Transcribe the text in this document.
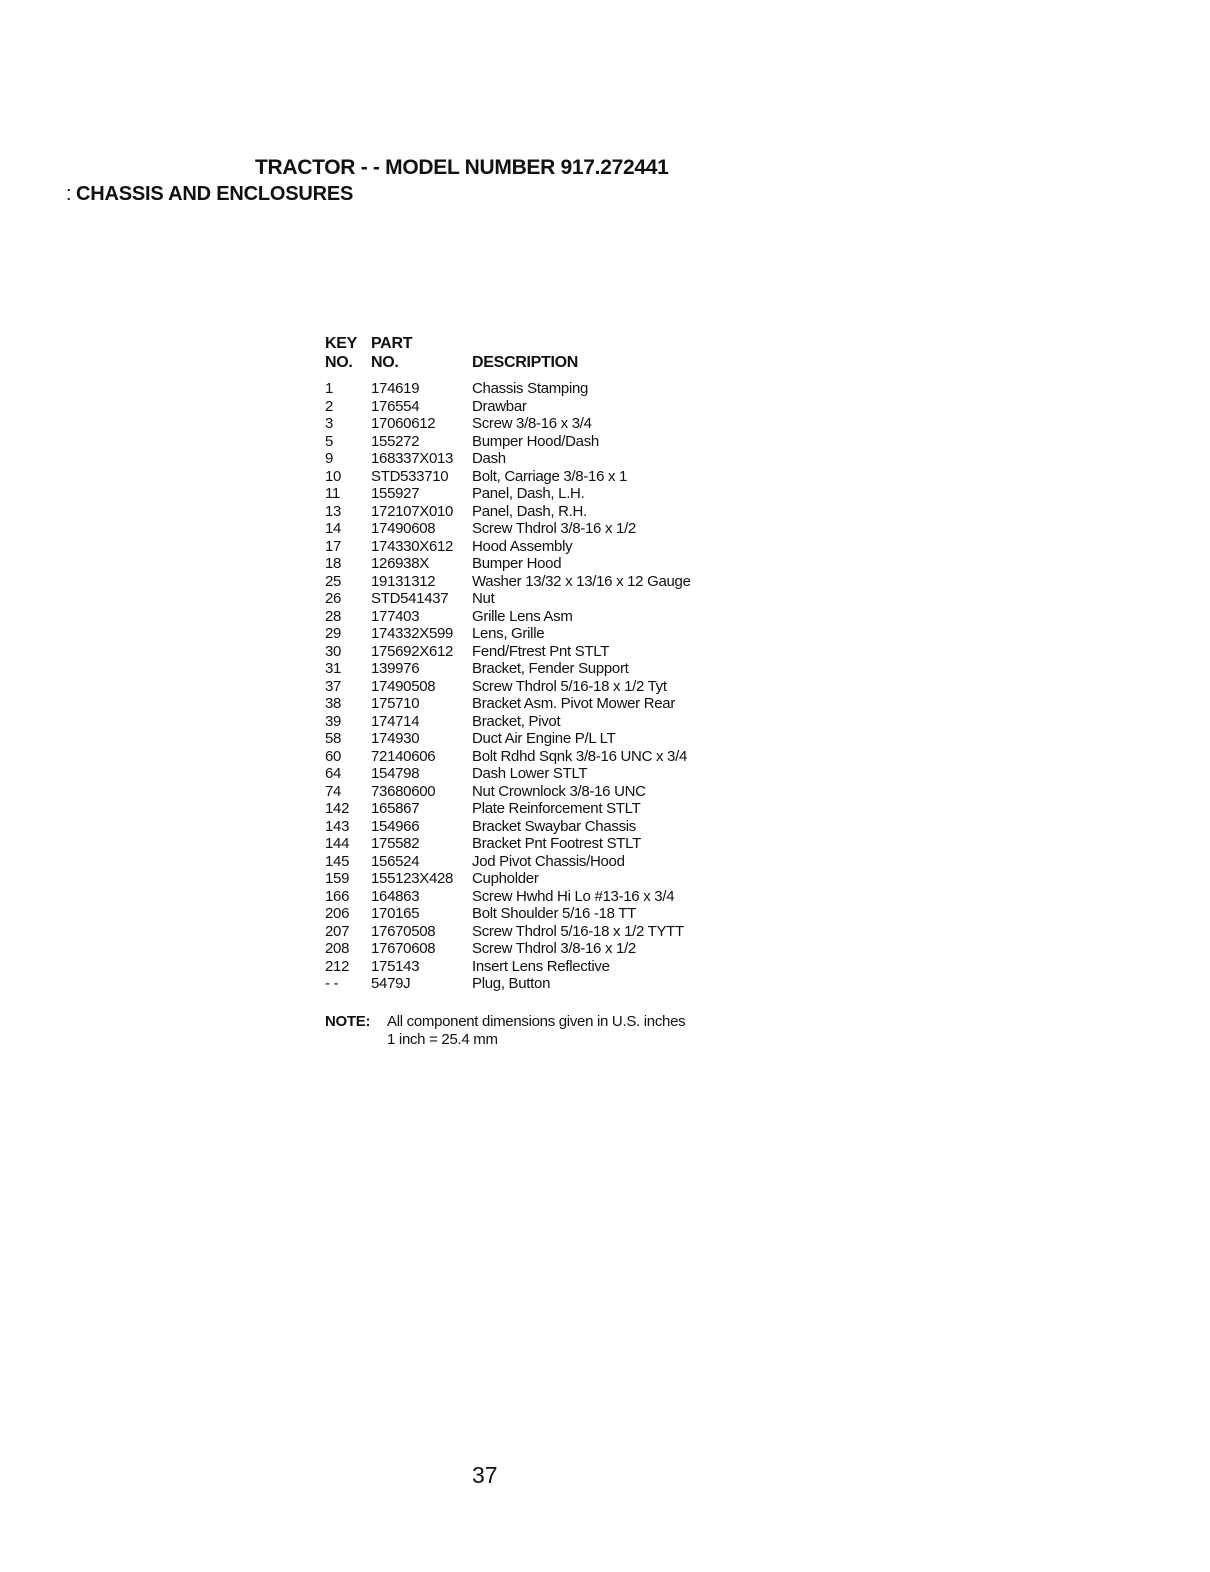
TRACTOR - - MODEL NUMBER 917.272441
: CHASSIS AND ENCLOSURES
KEY	PART	
NO.	NO.	DESCRIPTION
1	174619	Chassis Stamping
2	176554	Drawbar
3	17060612	Screw 3/8-16 x 3/4
5	155272	Bumper Hood/Dash
9	168337X013	Dash
10	STD533710	Bolt, Carriage 3/8-16 x 1
11	155927	Panel, Dash, L.H.
13	172107X010	Panel, Dash, R.H.
14	17490608	Screw Thdrol 3/8-16 x 1/2
17	174330X612	Hood Assembly
18	126938X	Bumper Hood
25	19131312	Washer 13/32 x 13/16 x 12 Gauge
26	STD541437	Nut
28	177403	Grille Lens Asm
29	174332X599	Lens, Grille
30	175692X612	Fend/Ftrest Pnt STLT
31	139976	Bracket, Fender Support
37	17490508	Screw Thdrol 5/16-18 x 1/2 Tyt
38	175710	Bracket Asm. Pivot Mower Rear
39	174714	Bracket, Pivot
58	174930	Duct Air Engine P/L LT
60	72140606	Bolt Rdhd Sqnk 3/8-16 UNC x 3/4
64	154798	Dash Lower STLT
74	73680600	Nut Crownlock 3/8-16 UNC
142	165867	Plate Reinforcement STLT
143	154966	Bracket Swaybar Chassis
144	175582	Bracket Pnt Footrest STLT
145	156524	Jod Pivot Chassis/Hood
159	155123X428	Cupholder
166	164863	Screw Hwhd Hi Lo #13-16 x 3/4
206	170165	Bolt Shoulder 5/16 -18 TT
207	17670508	Screw Thdrol 5/16-18 x 1/2 TYTT
208	17670608	Screw Thdrol 3/8-16 x 1/2
212	175143	Insert Lens Reflective
- -	5479J	Plug, Button
NOTE: All component dimensions given in U.S. inches
1 inch = 25.4 mm
37
